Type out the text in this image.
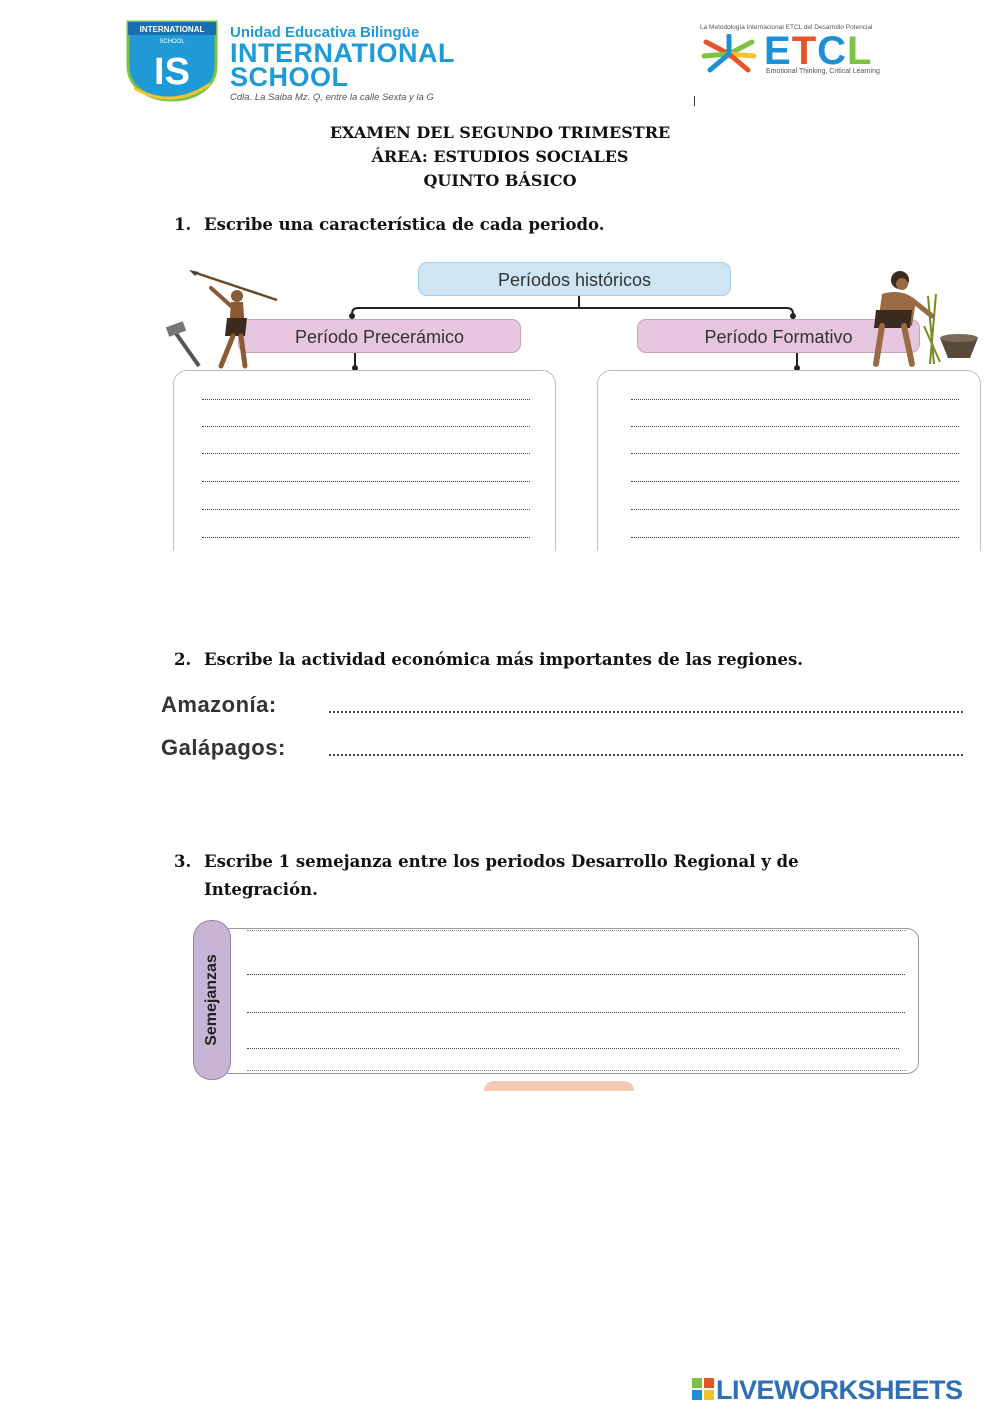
INTERNATIONAL
SCHOOL
IS
Unidad Educativa Bilingüe
INTERNATIONAL
SCHOOL
Cdla. La Saiba Mz. Q, entre la calle Sexta y la G
La Metodología Internacional ETCL del Desarrollo Potencial
ETCL
Emotional Thinking, Critical Learning
EXAMEN DEL SEGUNDO TRIMESTRE
ÁREA: ESTUDIOS SOCIALES
QUINTO BÁSICO
1. Escribe una característica de cada periodo.
Períodos históricos
Período Precerámico	Período Formativo
2. Escribe la actividad económica más importantes de las regiones.
Amazonía:
Galápagos:
3. Escribe 1 semejanza entre los periodos Desarrollo Regional y de
Integración.
Semejanzas
LIVEWORKSHEETS
